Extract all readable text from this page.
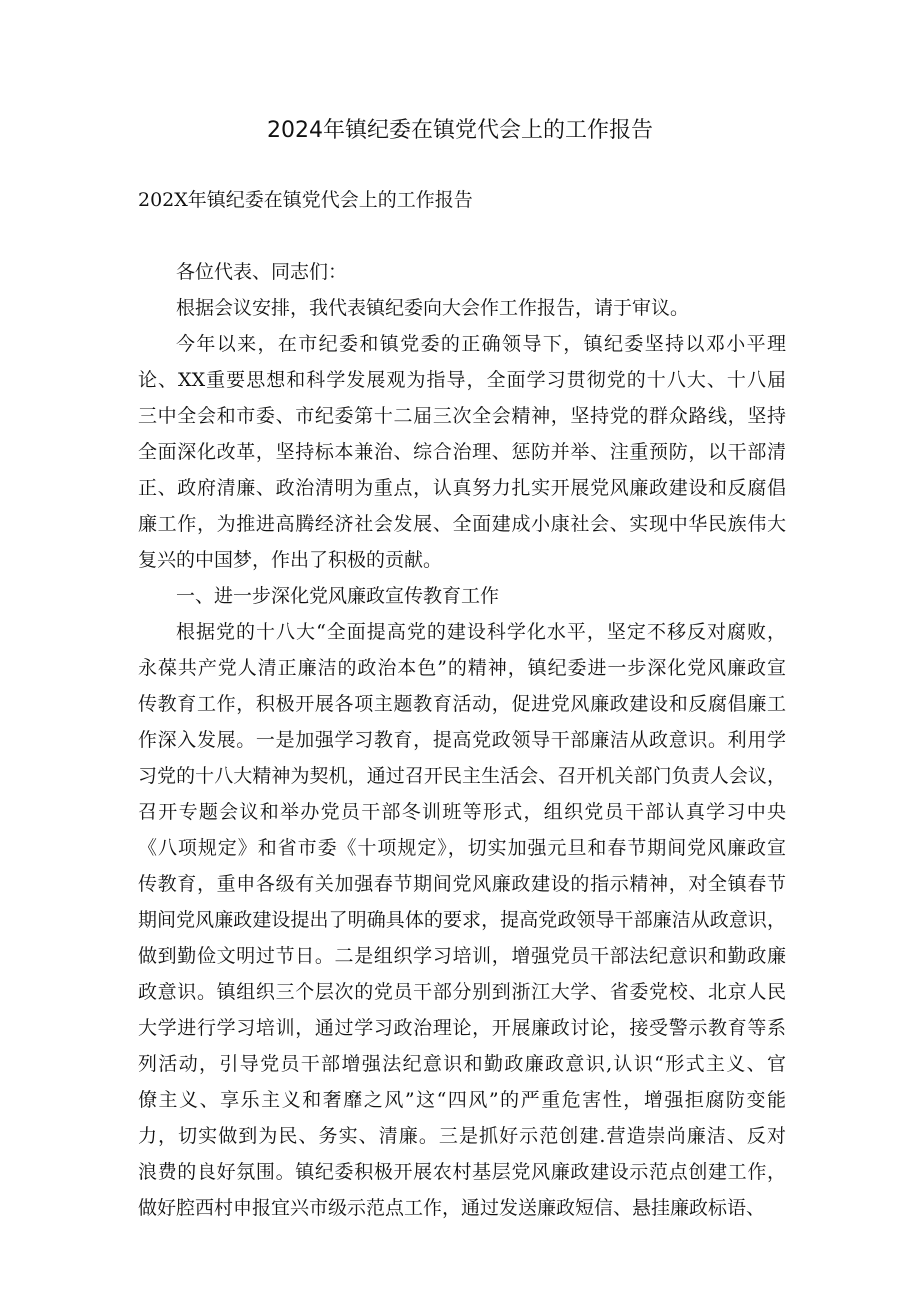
2024年镇纪委在镇党代会上的工作报告
202X年镇纪委在镇党代会上的工作报告
各位代表、同志们：
根据会议安排，我代表镇纪委向大会作工作报告，请于审议。
今年以来，在市纪委和镇党委的正确领导下，镇纪委坚持以邓小平理
论、XX重要思想和科学发展观为指导，全面学习贯彻党的十八大、十八届
三中全会和市委、市纪委第十二届三次全会精神，坚持党的群众路线，坚持
全面深化改革，坚持标本兼治、综合治理、惩防并举、注重预防，以干部清
正、政府清廉、政治清明为重点，认真努力扎实开展党风廉政建设和反腐倡
廉工作，为推进高腾经济社会发展、全面建成小康社会、实现中华民族伟大
复兴的中国梦，作出了积极的贡献。
一、进一步深化党风廉政宣传教育工作
根据党的十八大“全面提高党的建设科学化水平，坚定不移反对腐败，
永葆共产党人清正廉洁的政治本色”的精神，镇纪委进一步深化党风廉政宣
传教育工作，积极开展各项主题教育活动，促进党风廉政建设和反腐倡廉工
作深入发展。一是加强学习教育，提高党政领导干部廉洁从政意识。利用学
习党的十八大精神为契机，通过召开民主生活会、召开机关部门负责人会议，
召开专题会议和举办党员干部冬训班等形式，组织党员干部认真学习中央
《八项规定》和省市委《十项规定》，切实加强元旦和春节期间党风廉政宣
传教育，重申各级有关加强春节期间党风廉政建设的指示精神，对全镇春节
期间党风廉政建设提出了明确具体的要求，提高党政领导干部廉洁从政意识，
做到勤俭文明过节日。二是组织学习培训，增强党员干部法纪意识和勤政廉
政意识。镇组织三个层次的党员干部分别到浙江大学、省委党校、北京人民
大学进行学习培训，通过学习政治理论，开展廉政讨论，接受警示教育等系
列活动，引导党员干部增强法纪意识和勤政廉政意识,认识“形式主义、官
僚主义、享乐主义和奢靡之风”这“四风”的严重危害性，增强拒腐防变能
力，切实做到为民、务实、清廉。三是抓好示范创建.营造崇尚廉洁、反对
浪费的良好氛围。镇纪委积极开展农村基层党风廉政建设示范点创建工作，
做好腔西村申报宜兴市级示范点工作，通过发送廉政短信、悬挂廉政标语、
